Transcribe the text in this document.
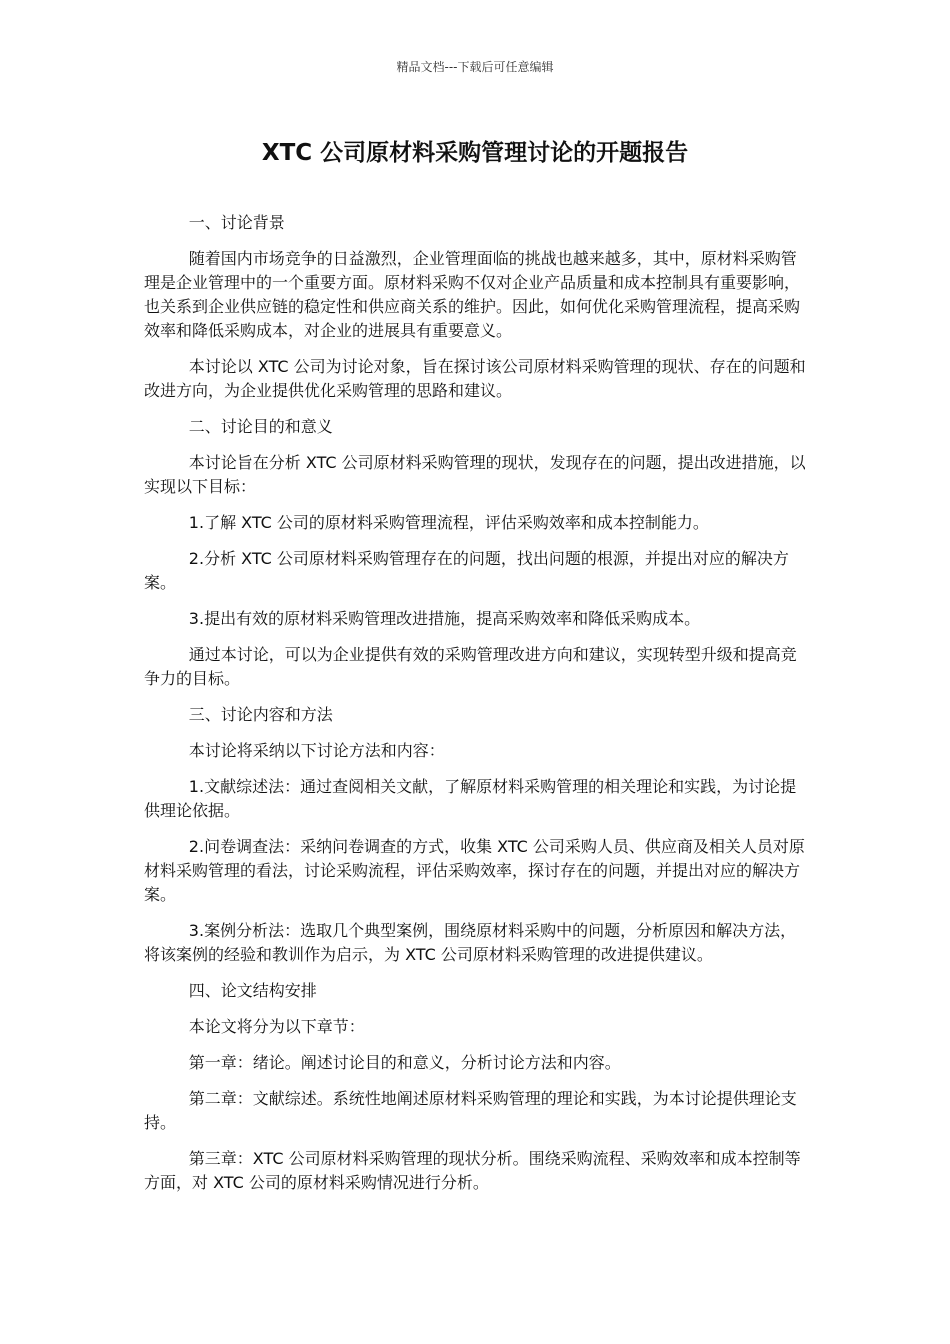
精品文档---下载后可任意编辑
XTC 公司原材料采购管理讨论的开题报告

一、讨论背景

随着国内市场竞争的日益激烈，企业管理面临的挑战也越来越多，其中，原材料采购管理是企业管理中的一个重要方面。原材料采购不仅对企业产品质量和成本控制具有重要影响，也关系到企业供应链的稳定性和供应商关系的维护。因此，如何优化采购管理流程，提高采购效率和降低采购成本，对企业的进展具有重要意义。

本讨论以 XTC 公司为讨论对象，旨在探讨该公司原材料采购管理的现状、存在的问题和改进方向，为企业提供优化采购管理的思路和建议。

二、讨论目的和意义

本讨论旨在分析 XTC 公司原材料采购管理的现状，发现存在的问题，提出改进措施，以实现以下目标：

1.了解 XTC 公司的原材料采购管理流程，评估采购效率和成本控制能力。

2.分析 XTC 公司原材料采购管理存在的问题，找出问题的根源，并提出对应的解决方案。

3.提出有效的原材料采购管理改进措施，提高采购效率和降低采购成本。

通过本讨论，可以为企业提供有效的采购管理改进方向和建议，实现转型升级和提高竞争力的目标。

三、讨论内容和方法

本讨论将采纳以下讨论方法和内容：

1.文献综述法：通过查阅相关文献，了解原材料采购管理的相关理论和实践，为讨论提供理论依据。

2.问卷调查法：采纳问卷调查的方式，收集 XTC 公司采购人员、供应商及相关人员对原材料采购管理的看法，讨论采购流程，评估采购效率，探讨存在的问题，并提出对应的解决方案。

3.案例分析法：选取几个典型案例，围绕原材料采购中的问题，分析原因和解决方法，将该案例的经验和教训作为启示，为 XTC 公司原材料采购管理的改进提供建议。

四、论文结构安排

本论文将分为以下章节：

第一章：绪论。阐述讨论目的和意义，分析讨论方法和内容。

第二章：文献综述。系统性地阐述原材料采购管理的理论和实践，为本讨论提供理论支持。

第三章：XTC 公司原材料采购管理的现状分析。围绕采购流程、采购效率和成本控制等方面，对 XTC 公司的原材料采购情况进行分析。
